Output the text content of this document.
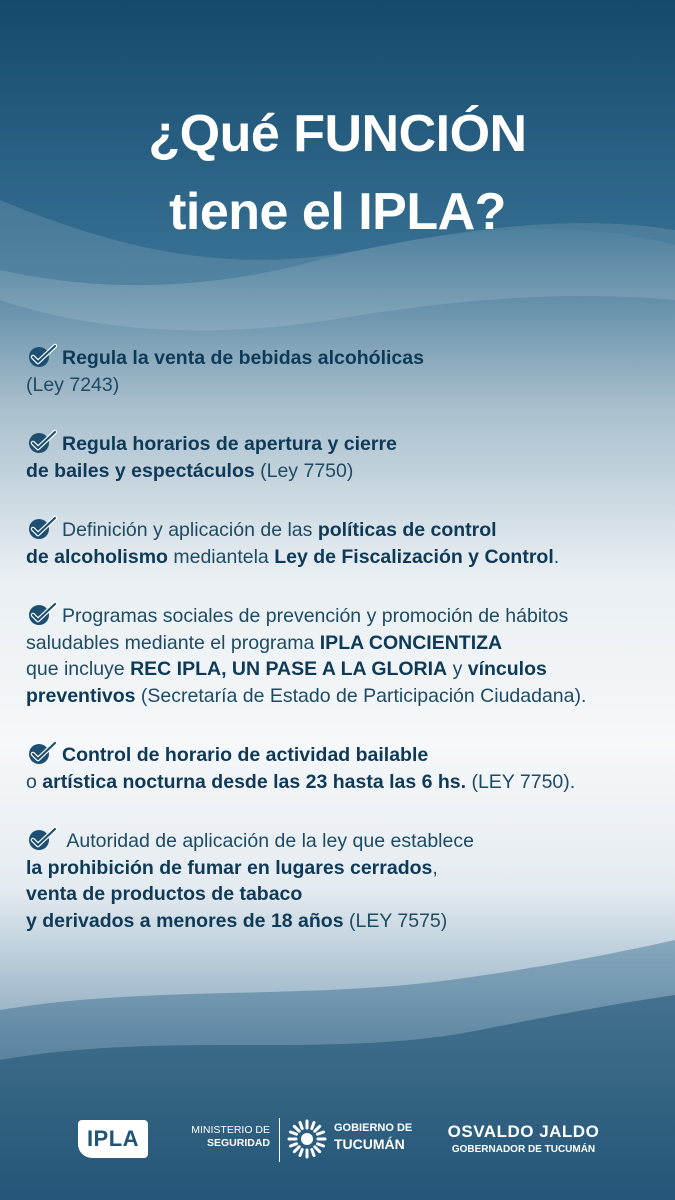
¿Qué FUNCIÓN
tiene el IPLA?

Regula la venta de bebidas alcohólicas
(Ley 7243)

Regula horarios de apertura y cierre
de bailes y espectáculos (Ley 7750)

Definición y aplicación de las políticas de control
de alcoholismo mediantela Ley de Fiscalización y Control.

Programas sociales de prevención y promoción de hábitos
saludables mediante el programa IPLA CONCIENTIZA
que incluye REC IPLA, UN PASE A LA GLORIA y vínculos
preventivos (Secretaría de Estado de Participación Ciudadana).

Control de horario de actividad bailable
o artística nocturna desde las 23 hasta las 6 hs. (LEY 7750).

Autoridad de aplicación de la ley que establece
la prohibición de fumar en lugares cerrados,
venta de productos de tabaco
y derivados a menores de 18 años (LEY 7575)

IPLA	MINISTERIO DE
SEGURIDAD
GOBIERNO DE
TUCUMÁN
OSVALDO JALDO
GOBERNADOR DE TUCUMÁN
